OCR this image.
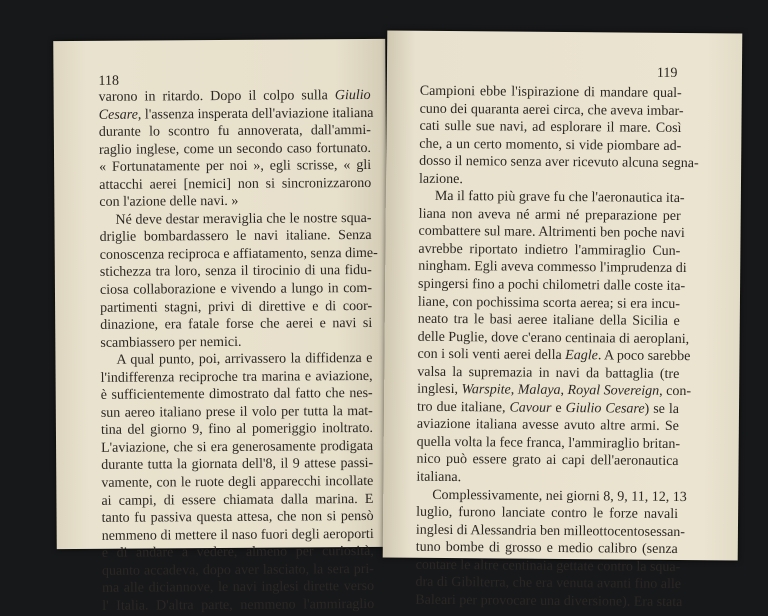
118
varono in ritardo. Dopo il colpo sulla Giulio
Cesare, l'assenza insperata dell'aviazione italiana
durante lo scontro fu annoverata, dall'ammi-
raglio inglese, come un secondo caso fortunato.
« Fortunatamente per noi », egli scrisse, « gli
attacchi aerei [nemici] non si sincronizzarono
con l'azione delle navi. »
Né deve destar meraviglia che le nostre squa-
driglie bombardassero le navi italiane. Senza
conoscenza reciproca e affiatamento, senza dime-
stichezza tra loro, senza il tirocinio di una fidu-
ciosa collaborazione e vivendo a lungo in com-
partimenti stagni, privi di direttive e di coor-
dinazione, era fatale forse che aerei e navi si
scambiassero per nemici.
A qual punto, poi, arrivassero la diffidenza e
l'indifferenza reciproche tra marina e aviazione,
è sufficientemente dimostrato dal fatto che nes-
sun aereo italiano prese il volo per tutta la mat-
tina del giorno 9, fino al pomeriggio inoltrato.
L'aviazione, che si era generosamente prodigata
durante tutta la giornata dell'8, il 9 attese passi-
vamente, con le ruote degli apparecchi incollate
ai campi, di essere chiamata dalla marina. E
tanto fu passiva questa attesa, che non si pensò
nemmeno di mettere il naso fuori degli aeroporti
e di andare a vedere, almeno per curiosità,
quanto accadeva, dopo aver lasciato, la sera pri-
ma alle diciannove, le navi inglesi dirette verso
l' Italia. D'altra parte, nemmeno l'ammiraglio
119
Campioni ebbe l'ispirazione di mandare qual-
cuno dei quaranta aerei circa, che aveva imbar-
cati sulle sue navi, ad esplorare il mare. Così
che, a un certo momento, si vide piombare ad-
dosso il nemico senza aver ricevuto alcuna segna-
lazione.
Ma il fatto più grave fu che l'aeronautica ita-
liana non aveva né armi né preparazione per
combattere sul mare. Altrimenti ben poche navi
avrebbe riportato indietro l'ammiraglio Cun-
ningham. Egli aveva commesso l'imprudenza di
spingersi fino a pochi chilometri dalle coste ita-
liane, con pochissima scorta aerea; si era incu-
neato tra le basi aeree italiane della Sicilia e
delle Puglie, dove c'erano centinaia di aeroplani,
con i soli venti aerei della Eagle. A poco sarebbe
valsa la supremazia in navi da battaglia (tre
inglesi, Warspite, Malaya, Royal Sovereign, con-
tro due italiane, Cavour e Giulio Cesare) se la
aviazione italiana avesse avuto altre armi. Se
quella volta la fece franca, l'ammiraglio britan-
nico può essere grato ai capi dell'aeronautica
italiana.
Complessivamente, nei giorni 8, 9, 11, 12, 13
luglio, furono lanciate contro le forze navali
inglesi di Alessandria ben milleottocentosessan-
tuno bombe di grosso e medio calibro (senza
contare le altre centinaia gettate contro la squa-
dra di Gibilterra, che era venuta avanti fino alle
Baleari per provocare una diversione). Era stata
